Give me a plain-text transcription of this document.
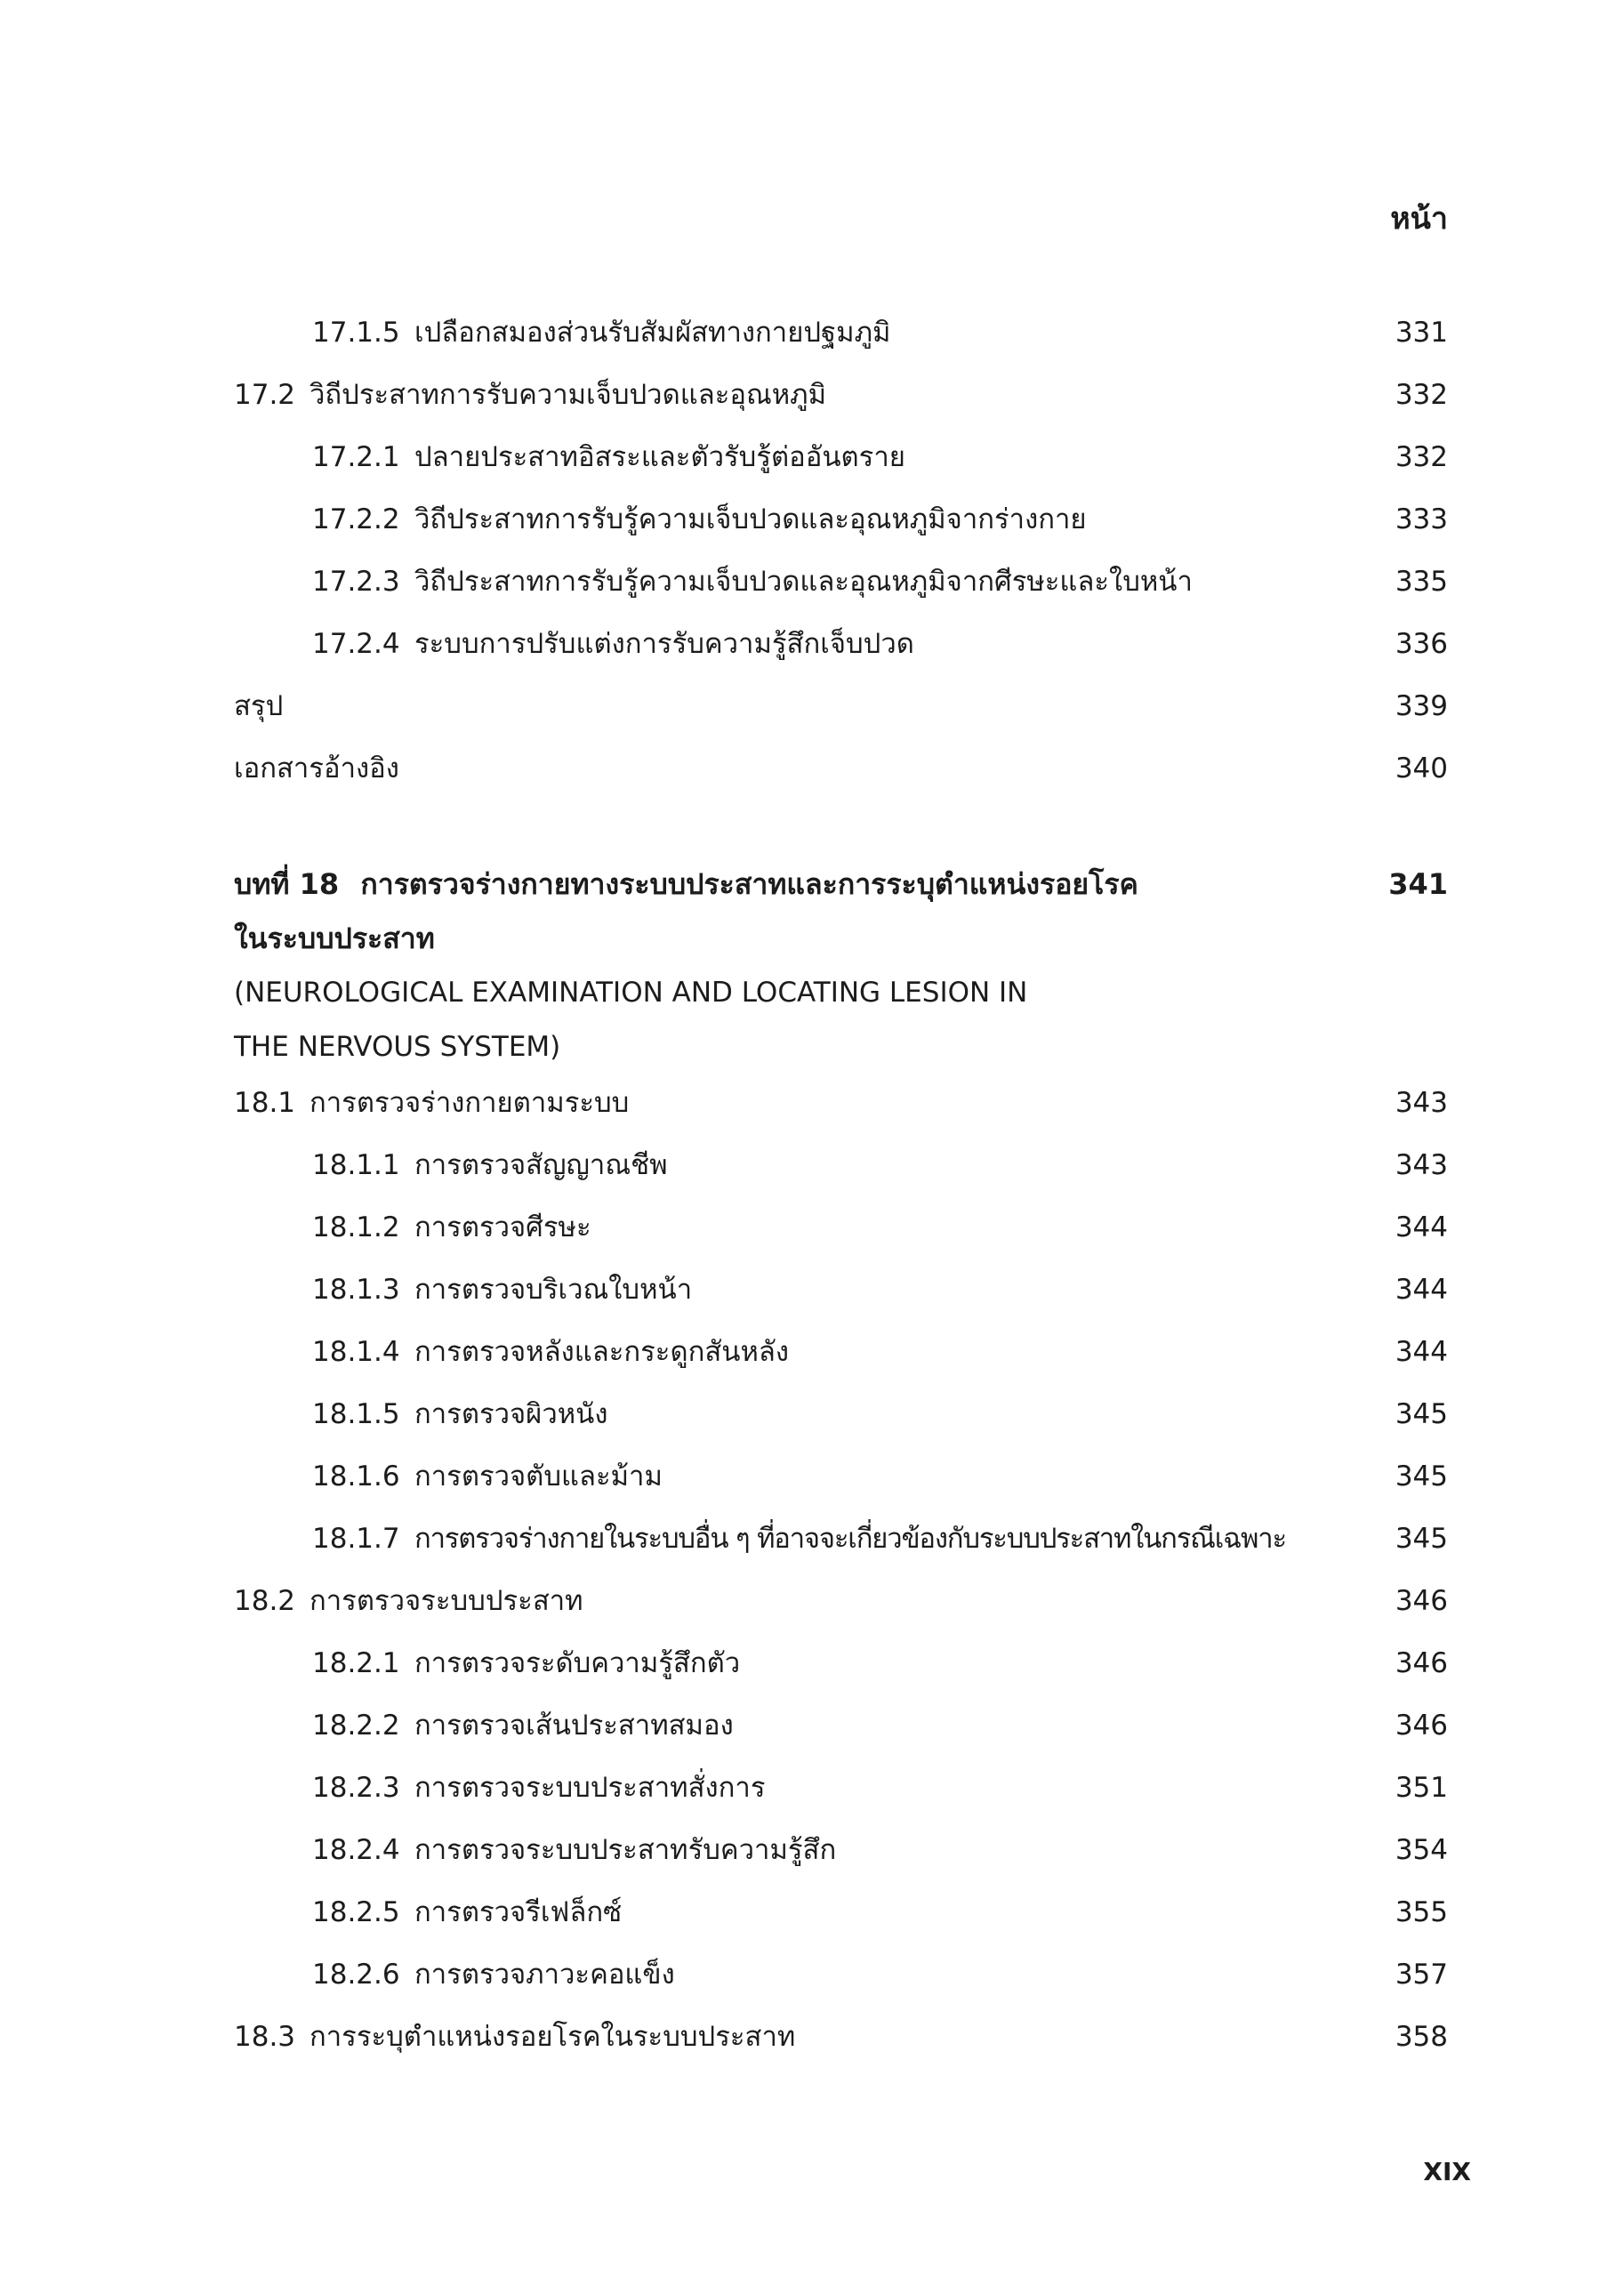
หน้า
17.1.5 เปลือกสมองส่วนรับสัมผัสทางกายปฐมภูมิ	331
17.2 วิถีประสาทการรับความเจ็บปวดและอุณหภูมิ	332
17.2.1 ปลายประสาทอิสระและตัวรับรู้ต่ออันตราย	332
17.2.2 วิถีประสาทการรับรู้ความเจ็บปวดและอุณหภูมิจากร่างกาย	333
17.2.3 วิถีประสาทการรับรู้ความเจ็บปวดและอุณหภูมิจากศีรษะและใบหน้า	335
17.2.4 ระบบการปรับแต่งการรับความรู้สึกเจ็บปวด	336
สรุป	339
เอกสารอ้างอิง	340
บทที่ 18 การตรวจร่างกายทางระบบประสาทและการระบุตำแหน่งรอยโรค	341
ในระบบประสาท
(NEUROLOGICAL EXAMINATION AND LOCATING LESION IN
THE NERVOUS SYSTEM)
18.1 การตรวจร่างกายตามระบบ	343
18.1.1 การตรวจสัญญาณชีพ	343
18.1.2 การตรวจศีรษะ	344
18.1.3 การตรวจบริเวณใบหน้า	344
18.1.4 การตรวจหลังและกระดูกสันหลัง	344
18.1.5 การตรวจผิวหนัง	345
18.1.6 การตรวจตับและม้าม	345
18.1.7 การตรวจร่างกายในระบบอื่น ๆ ที่อาจจะเกี่ยวข้องกับระบบประสาทในกรณีเฉพาะ	345
18.2 การตรวจระบบประสาท	346
18.2.1 การตรวจระดับความรู้สึกตัว	346
18.2.2 การตรวจเส้นประสาทสมอง	346
18.2.3 การตรวจระบบประสาทสั่งการ	351
18.2.4 การตรวจระบบประสาทรับความรู้สึก	354
18.2.5 การตรวจรีเฟล็กซ์	355
18.2.6 การตรวจภาวะคอแข็ง	357
18.3 การระบุตำแหน่งรอยโรคในระบบประสาท	358
XIX
